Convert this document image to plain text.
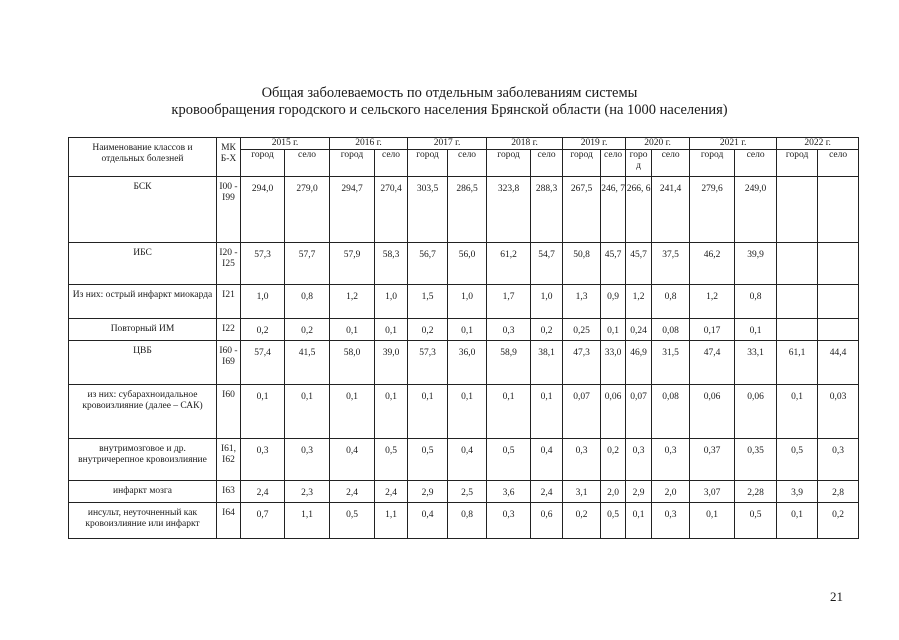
Общая заболеваемость по отдельным заболеваниям системы
кровообращения городского и сельского населения Брянской области (на 1000 населения)
Наименование классов и отдельных болезней	МК Б-Х	2015 г.		2016 г.		2017 г.		2018 г.		2019 г.		2020 г.		2021 г.		2022 г.	
		город	село	город	село	город	село	город	село	город	село	горо д	село	город	село	город	село
БСК	I00 - I99	294,0	279,0	294,7	270,4	303,5	286,5	323,8	288,3	267,5	246, 7	266, 6	241,4	279,6	249,0		
ИБС	I20 - I25	57,3	57,7	57,9	58,3	56,7	56,0	61,2	54,7	50,8	45,7	45,7	37,5	46,2	39,9		
Из них: острый инфаркт миокарда	I21	1,0	0,8	1,2	1,0	1,5	1,0	1,7	1,0	1,3	0,9	1,2	0,8	1,2	0,8		
Повторный ИМ	I22	0,2	0,2	0,1	0,1	0,2	0,1	0,3	0,2	0,25	0,1	0,24	0,08	0,17	0,1		
ЦВБ	I60 - I69	57,4	41,5	58,0	39,0	57,3	36,0	58,9	38,1	47,3	33,0	46,9	31,5	47,4	33,1	61,1	44,4
из них: субарахноидальное кровоизлияние (далее – САК)	I60	0,1	0,1	0,1	0,1	0,1	0,1	0,1	0,1	0,07	0,06	0,07	0,08	0,06	0,06	0,1	0,03
внутримозговое и др. внутричерепное кровоизлияние	I61, I62	0,3	0,3	0,4	0,5	0,5	0,4	0,5	0,4	0,3	0,2	0,3	0,3	0,37	0,35	0,5	0,3
инфаркт мозга	I63	2,4	2,3	2,4	2,4	2,9	2,5	3,6	2,4	3,1	2,0	2,9	2,0	3,07	2,28	3,9	2,8
инсульт, неуточненный как кровоизлияние или инфаркт	I64	0,7	1,1	0,5	1,1	0,4	0,8	0,3	0,6	0,2	0,5	0,1	0,3	0,1	0,5	0,1	0,2
21
